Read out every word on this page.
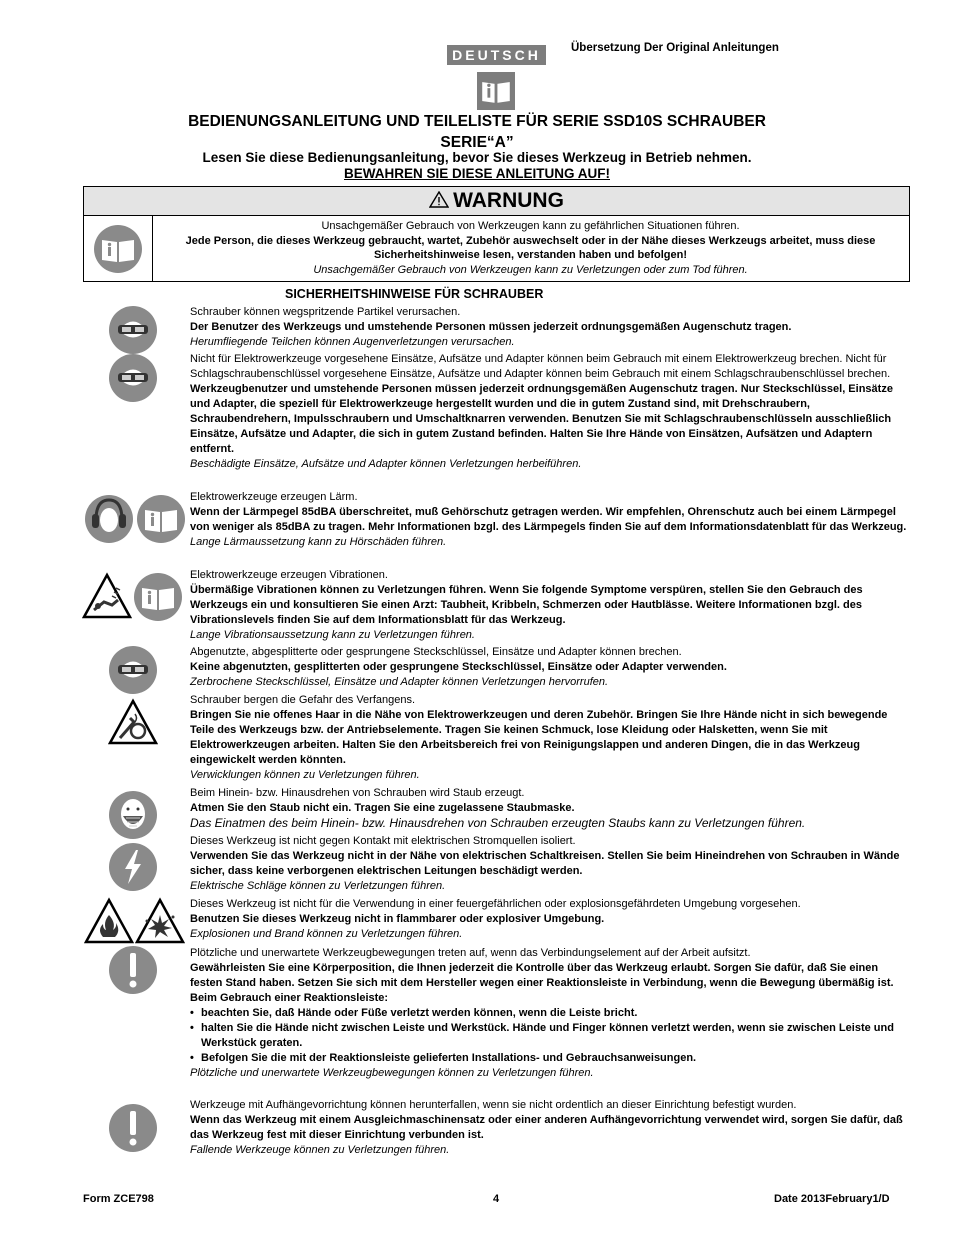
DEUTSCH	Übersetzung Der Original Anleitungen
BEDIENUNGSANLEITUNG UND TEILELISTE FÜR SERIE SSD10S SCHRAUBER
SERIE“A”
Lesen Sie diese Bedienungsanleitung, bevor Sie dieses Werkzeug in Betrieb nehmen.
BEWAHREN SIE DIESE ANLEITUNG AUF!
WARNUNG
Unsachgemäßer Gebrauch von Werkzeugen kann zu gefährlichen Situationen führen.
Jede Person, die dieses Werkzeug gebraucht, wartet, Zubehör auswechselt oder in der Nähe dieses Werkzeugs arbeitet, muss diese Sicherheitshinweise lesen, verstanden haben und befolgen!
Unsachgemäßer Gebrauch von Werkzeugen kann zu Verletzungen oder zum Tod führen.
SICHERHEITSHINWEISE FÜR SCHRAUBER
Schrauber können wegspritzende Partikel verursachen.
Der Benutzer des Werkzeugs und umstehende Personen müssen jederzeit ordnungsgemäßen Augenschutz tragen.
Herumfliegende Teilchen können Augenverletzungen verursachen.
Nicht für Elektrowerkzeuge vorgesehene Einsätze, Aufsätze und Adapter können beim Gebrauch mit einem Elektrowerkzeug brechen. Nicht für Schlagschraubenschlüssel vorgesehene Einsätze, Aufsätze und Adapter können beim Gebrauch mit einem Schlagschraubenschlüssel brechen.
Werkzeugbenutzer und umstehende Personen müssen jederzeit ordnungsgemäßen Augenschutz tragen. Nur Steckschlüssel, Einsätze und Adapter, die speziell für Elektrowerkzeuge hergestellt wurden und die in gutem Zustand sind, mit Drehschraubern, Schraubendrehern, Impulsschraubern und Umschaltknarren verwenden. Benutzen Sie mit Schlagschraubenschlüsseln ausschließlich Einsätze, Aufsätze und Adapter, die sich in gutem Zustand befinden. Halten Sie Ihre Hände von Einsätzen, Aufsätzen und Adaptern entfernt.
Beschädigte Einsätze, Aufsätze und Adapter können Verletzungen herbeiführen.
Elektrowerkzeuge erzeugen Lärm.
Wenn der Lärmpegel 85dBA überschreitet, muß Gehörschutz getragen werden. Wir empfehlen, Ohrenschutz auch bei einem Lärmpegel von weniger als 85dBA zu tragen. Mehr Informationen bzgl. des Lärmpegels finden Sie auf dem Informationsdatenblatt für das Werkzeug.
Lange Lärmaussetzung kann zu Hörschäden führen.
Elektrowerkzeuge erzeugen Vibrationen.
Übermäßige Vibrationen können zu Verletzungen führen. Wenn Sie folgende Symptome verspüren, stellen Sie den Gebrauch des Werkzeugs ein und konsultieren Sie einen Arzt: Taubheit, Kribbeln, Schmerzen oder Hautblässe. Weitere Informationen bzgl. des Vibrationslevels finden Sie auf dem Informationsblatt für das Werkzeug.
Lange Vibrationsaussetzung kann zu Verletzungen führen.
Abgenutzte, abgesplitterte oder gesprungene Steckschlüssel, Einsätze und Adapter können brechen.
Keine abgenutzten, gesplitterten oder gesprungene Steckschlüssel, Einsätze oder Adapter verwenden.
Zerbrochene Steckschlüssel, Einsätze und Adapter können Verletzungen hervorrufen.
Schrauber bergen die Gefahr des Verfangens.
Bringen Sie nie offenes Haar in die Nähe von Elektrowerkzeugen und deren Zubehör. Bringen Sie Ihre Hände nicht in sich bewegende Teile des Werkzeugs bzw. der Antriebselemente. Tragen Sie keinen Schmuck, lose Kleidung oder Halsketten, wenn Sie mit Elektrowerkzeugen arbeiten. Halten Sie den Arbeitsbereich frei von Reinigungslappen und anderen Dingen, die in das Werkzeug eingewickelt werden könnten.
Verwicklungen können zu Verletzungen führen.
Beim Hinein- bzw. Hinausdrehen von Schrauben wird Staub erzeugt.
Atmen Sie den Staub nicht ein. Tragen Sie eine zugelassene Staubmaske.
Das Einatmen des beim Hinein- bzw. Hinausdrehen von Schrauben erzeugten Staubs kann zu Verletzungen führen.
Dieses Werkzeug ist nicht gegen Kontakt mit elektrischen Stromquellen isoliert.
Verwenden Sie das Werkzeug nicht in der Nähe von elektrischen Schaltkreisen. Stellen Sie beim Hineindrehen von Schrauben in Wände sicher, dass keine verborgenen elektrischen Leitungen beschädigt werden.
Elektrische Schläge können zu Verletzungen führen.
Dieses Werkzeug ist nicht für die Verwendung in einer feuergefährlichen oder explosionsgefährdeten Umgebung vorgesehen.
Benutzen Sie dieses Werkzeug nicht in flammbarer oder explosiver Umgebung.
Explosionen und Brand können zu Verletzungen führen.
Plötzliche und unerwartete Werkzeugbewegungen treten auf, wenn das Verbindungselement auf der Arbeit aufsitzt.
Gewährleisten Sie eine Körperposition, die Ihnen jederzeit die Kontrolle über das Werkzeug erlaubt. Sorgen Sie dafür, daß Sie einen festen Stand haben. Setzen Sie sich mit dem Hersteller wegen einer Reaktionsleiste in Verbindung, wenn die Bewegung übermäßig ist.
Beim Gebrauch einer Reaktionsleiste:
• beachten Sie, daß Hände oder Füße verletzt werden können, wenn die Leiste bricht.
• halten Sie die Hände nicht zwischen Leiste und Werkstück. Hände und Finger können verletzt werden, wenn sie zwischen Leiste und Werkstück geraten.
• Befolgen Sie die mit der Reaktionsleiste gelieferten Installations- und Gebrauchsanweisungen.
Plötzliche und unerwartete Werkzeugbewegungen können zu Verletzungen führen.
Werkzeuge mit Aufhängevorrichtung können herunterfallen, wenn sie nicht ordentlich an dieser Einrichtung befestigt wurden.
Wenn das Werkzeug mit einem Ausgleichmaschinensatz oder einer anderen Aufhängevorrichtung verwendet wird, sorgen Sie dafür, daß das Werkzeug fest mit dieser Einrichtung verbunden ist.
Fallende Werkzeuge können zu Verletzungen führen.
Form ZCE798	4	Date 2013February1/D
